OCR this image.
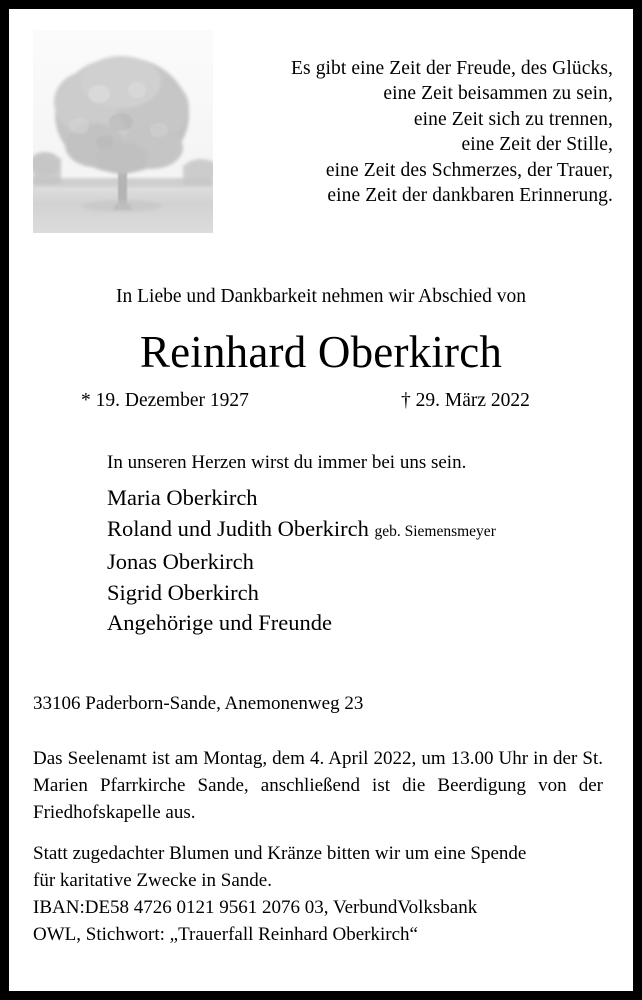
Es gibt eine Zeit der Freude, des Glücks,
eine Zeit beisammen zu sein,
eine Zeit sich zu trennen,
eine Zeit der Stille,
eine Zeit des Schmerzes, der Trauer,
eine Zeit der dankbaren Erinnerung.
In Liebe und Dankbarkeit nehmen wir Abschied von
Reinhard Oberkirch
* 19. Dezember 1927	† 29. März 2022
In unseren Herzen wirst du immer bei uns sein.
Maria Oberkirch
Roland und Judith Oberkirch geb. Siemensmeyer
Jonas Oberkirch
Sigrid Oberkirch
Angehörige und Freunde
33106 Paderborn-Sande, Anemonenweg 23

Das Seelenamt ist am Montag, dem 4. April 2022, um 13.00 Uhr in der St. Marien Pfarrkirche Sande, anschließend ist die Beerdigung von der Friedhofskapelle aus.

Statt zugedachter Blumen und Kränze bitten wir um eine Spende
für karitative Zwecke in Sande.
IBAN:DE58 4726 0121 9561 2076 03, VerbundVolksbank
OWL, Stichwort: „Trauerfall Reinhard Oberkirch“
